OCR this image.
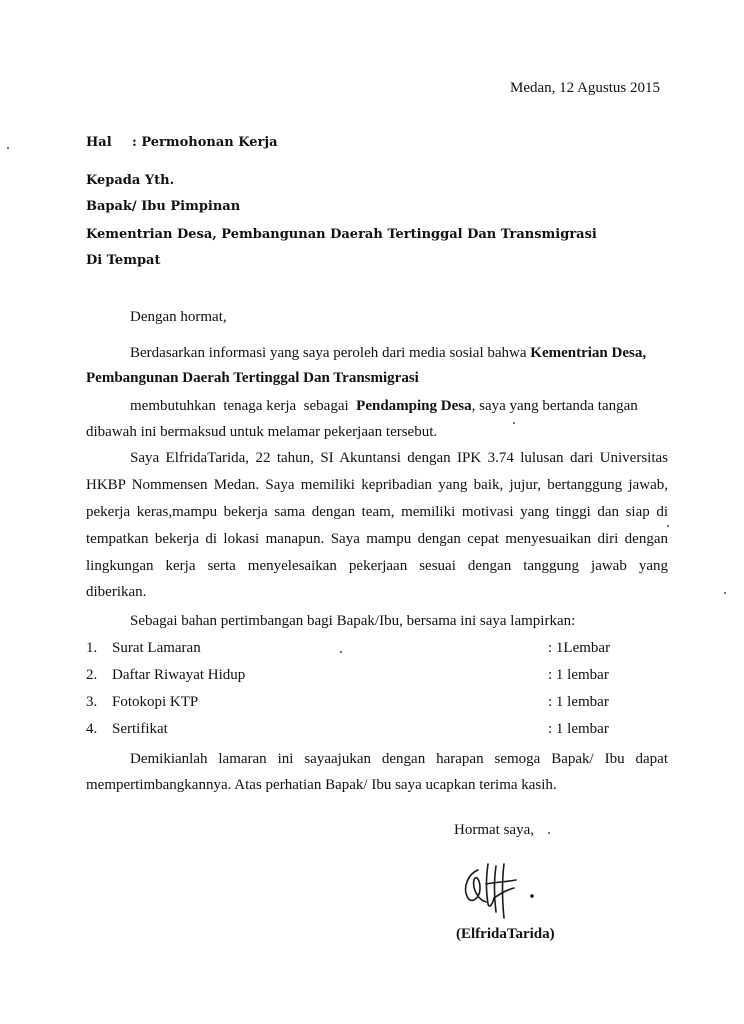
Medan, 12 Agustus 2015
Hal : Permohonan Kerja
Kepada Yth.
Bapak/ Ibu Pimpinan
Kementrian Desa, Pembangunan Daerah Tertinggal Dan Transmigrasi
Di Tempat
Dengan hormat,
Berdasarkan informasi yang saya peroleh dari media sosial bahwa Kementrian Desa,
Pembangunan Daerah Tertinggal Dan Transmigrasi
membutuhkan  tenaga kerja  sebagai  Pendamping Desa, saya yang bertanda tangan
dibawah ini bermaksud untuk melamar pekerjaan tersebut.
Saya ElfridaTarida, 22 tahun, SI Akuntansi dengan IPK 3.74 lulusan dari Universitas
HKBP Nommensen Medan. Saya memiliki kepribadian yang baik, jujur, bertanggung jawab,
pekerja keras,mampu bekerja sama dengan team, memiliki motivasi yang tinggi dan siap di
tempatkan bekerja di lokasi manapun. Saya mampu dengan cepat menyesuaikan diri dengan
lingkungan kerja serta menyelesaikan pekerjaan sesuai dengan tanggung jawab yang
diberikan.
Sebagai bahan pertimbangan bagi Bapak/Ibu, bersama ini saya lampirkan:
1. Surat Lamaran	: 1Lembar
2. Daftar Riwayat Hidup	: 1 lembar
3. Fotokopi KTP	: 1 lembar
4. Sertifikat	: 1 lembar
Demikianlah lamaran ini sayaajukan dengan harapan semoga Bapak/ Ibu dapat
mempertimbangkannya. Atas perhatian Bapak/ Ibu saya ucapkan terima kasih.
Hormat saya,
(ElfridaTarida)
